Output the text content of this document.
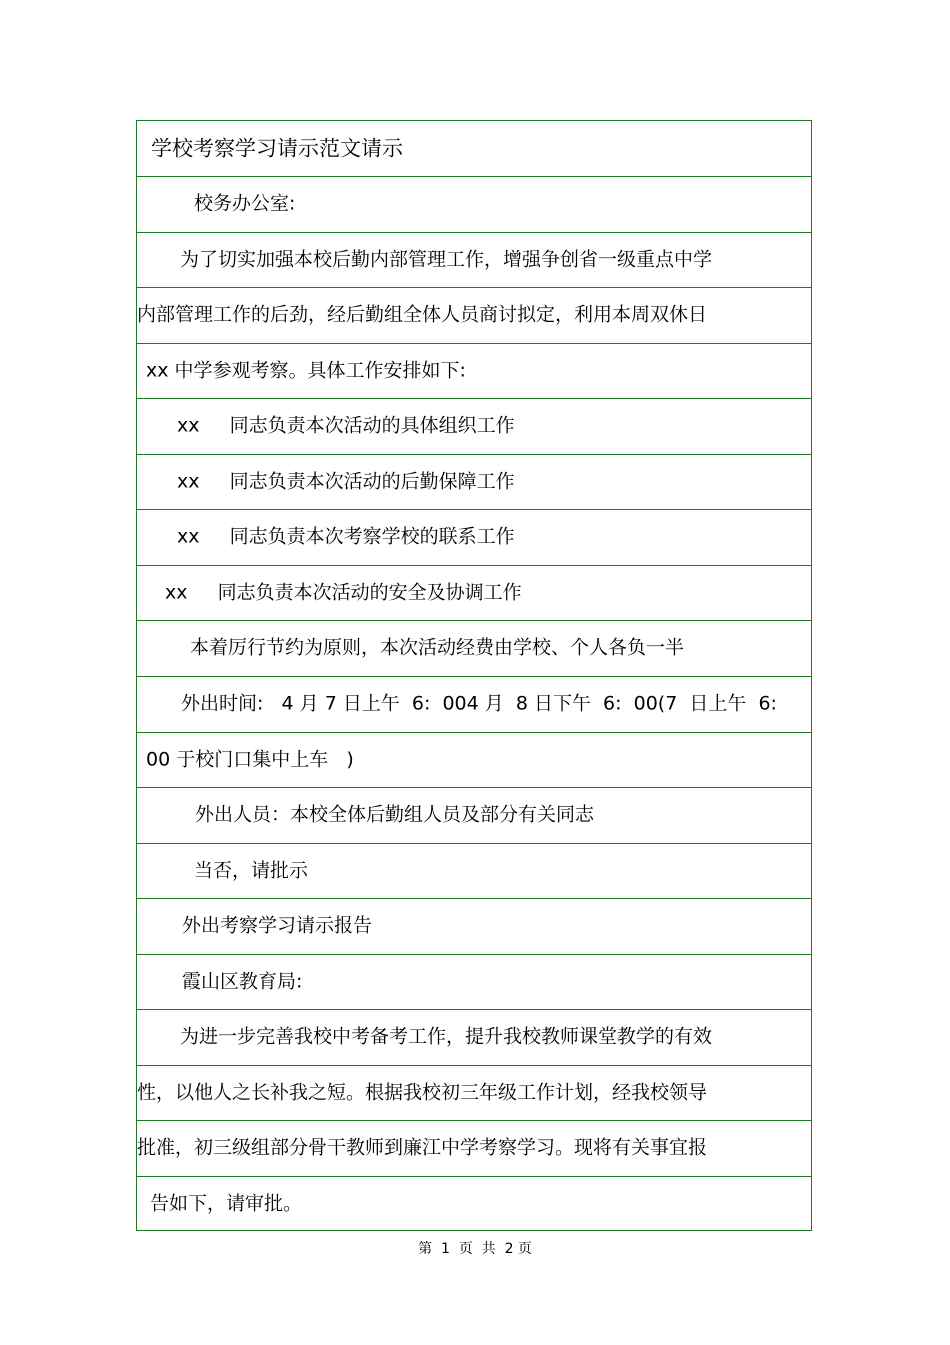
学校考察学习请示范文请示
校务办公室:
为了切实加强本校后勤内部管理工作，增强争创省一级重点中学
内部管理工作的后劲，经后勤组全体人员商讨拟定，利用本周双休日
xx 中学参观考察。具体工作安排如下:
xx     同志负责本次活动的具体组织工作
xx     同志负责本次活动的后勤保障工作
xx     同志负责本次考察学校的联系工作
xx     同志负责本次活动的安全及协调工作
本着厉行节约为原则，本次活动经费由学校、个人各负一半
外出时间:   4 月 7 日上午  6:  004 月  8 日下午  6:  00(7  日上午  6:
00 于校门口集中上车   )
外出人员：本校全体后勤组人员及部分有关同志
当否，请批示
外出考察学习请示报告
霞山区教育局:
为进一步完善我校中考备考工作，提升我校教师课堂教学的有效
性，以他人之长补我之短。根据我校初三年级工作计划，经我校领导
批准，初三级组部分骨干教师到廉江中学考察学习。现将有关事宜报
告如下，请审批。
第  1  页  共  2 页
